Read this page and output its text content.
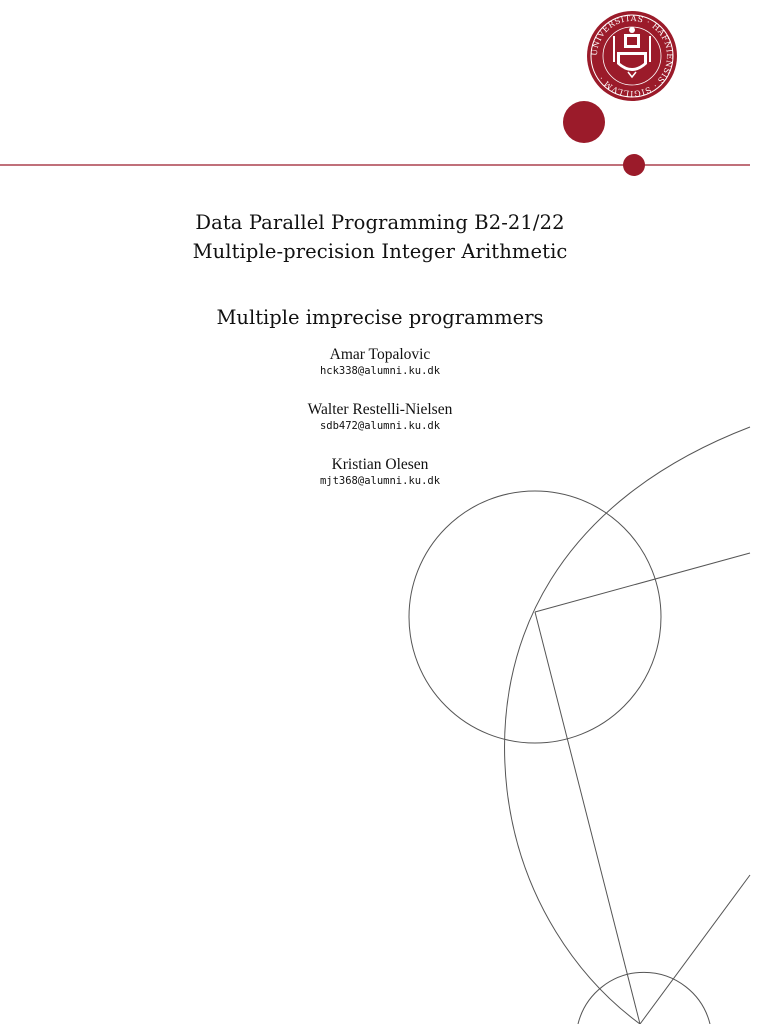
UNIVERSITAS · HAFNIENSIS · SIGILLVM ·
Data Parallel Programming B2-21/22
Multiple-precision Integer Arithmetic
Multiple imprecise programmers
Amar Topalovic
hck338@alumni.ku.dk
Walter Restelli-Nielsen
sdb472@alumni.ku.dk
Kristian Olesen
mjt368@alumni.ku.dk
